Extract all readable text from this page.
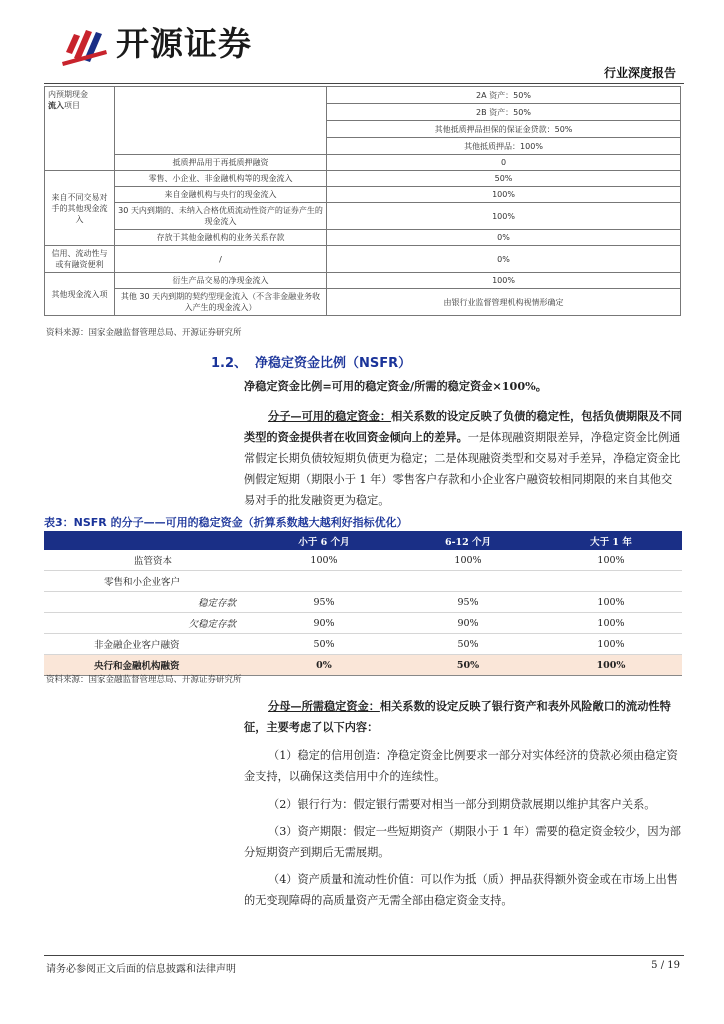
开源证券
行业深度报告
内预期现金
流入项目		2A 资产：50%
		2B 资产：50%
		其他抵质押品担保的保证金贷款：50%
		其他抵质押品：100%
	抵质押品用于再抵质押融资	0
来自不同交易对手的其他现金流入	零售、小企业、非金融机构等的现金流入	50%
	来自金融机构与央行的现金流入	100%
	30 天内到期的、未纳入合格优质流动性资产的证券产生的现金流入	100%
	存放于其他金融机构的业务关系存款	0%
信用、流动性与或有融资便利	/	0%
其他现金流入项	衍生产品交易的净现金流入	100%
	其他 30 天内到期的契约型现金流入（不含非金融业务收入产生的现金流入）	由银行业监督管理机构视情形确定
资料来源：国家金融监督管理总局、开源证券研究所
1.2、 净稳定资金比例（NSFR）
净稳定资金比例=可用的稳定资金/所需的稳定资金×100%。
分子—可用的稳定资金：相关系数的设定反映了负债的稳定性，包括负债期限及不同类型的资金提供者在收回资金倾向上的差异。一是体现融资期限差异，净稳定资金比例通常假定长期负债较短期负债更为稳定；二是体现融资类型和交易对手差异，净稳定资金比例假定短期（期限小于 1 年）零售客户存款和小企业客户融资较相同期限的来自其他交易对手的批发融资更为稳定。
表3：NSFR 的分子——可用的稳定资金（折算系数越大越利好指标优化）
	小于 6 个月	6-12 个月	大于 1 年
监管资本	100%	100%	100%
零售和小企业客户			
稳定存款	95%	95%	100%
欠稳定存款	90%	90%	100%
非金融企业客户融资	50%	50%	100%
央行和金融机构融资	0%	50%	100%
资料来源：国家金融监督管理总局、开源证券研究所
分母—所需稳定资金：相关系数的设定反映了银行资产和表外风险敞口的流动性特征，主要考虑了以下内容：
（1）稳定的信用创造：净稳定资金比例要求一部分对实体经济的贷款必须由稳定资金支持，以确保这类信用中介的连续性。
（2）银行行为：假定银行需要对相当一部分到期贷款展期以维护其客户关系。
（3）资产期限：假定一些短期资产（期限小于 1 年）需要的稳定资金较少，因为部分短期资产到期后无需展期。
（4）资产质量和流动性价值：可以作为抵（质）押品获得额外资金或在市场上出售的无变现障碍的高质量资产无需全部由稳定资金支持。
请务必参阅正文后面的信息披露和法律声明	5 / 19
